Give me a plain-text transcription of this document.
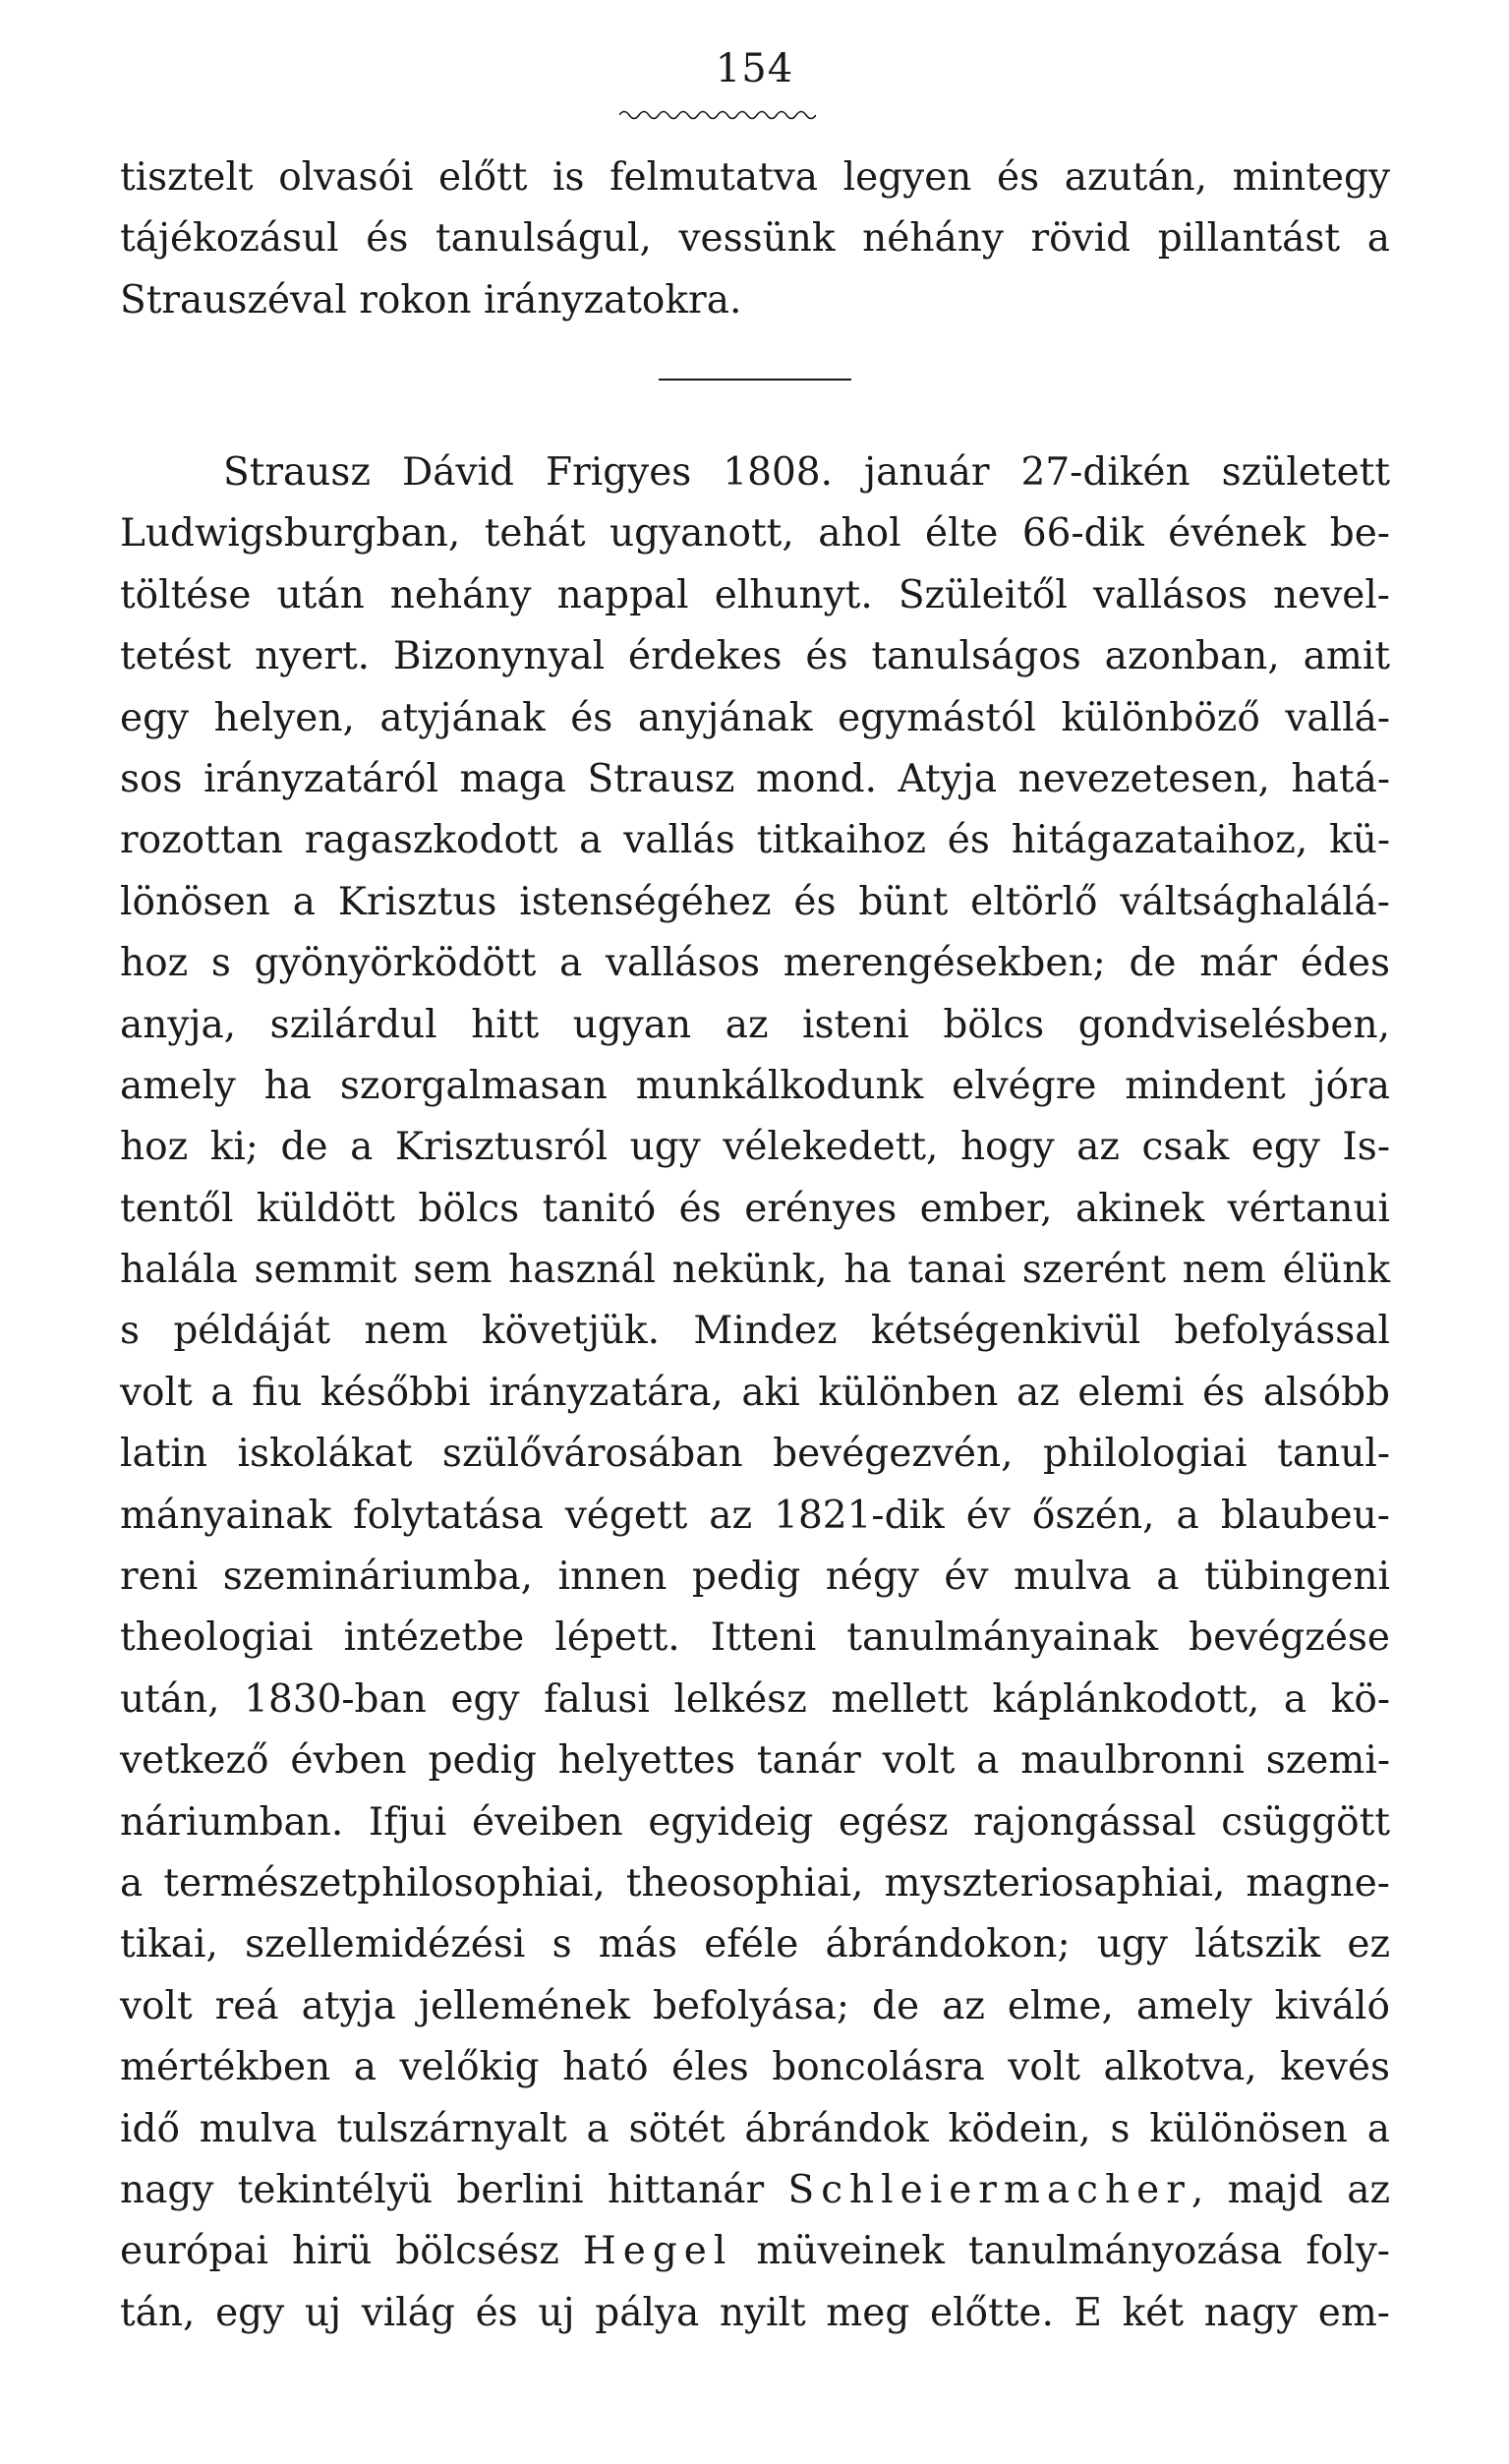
154
tisztelt olvasói előtt is felmutatva legyen és azután, mintegy
tájékozásul és tanulságul, vessünk néhány rövid pillantást a
Strauszéval rokon irányzatokra.
Strausz Dávid Frigyes 1808. január 27-dikén született
Ludwigsburgban, tehát ugyanott, ahol élte 66-dik évének be-
töltése után nehány nappal elhunyt. Szüleitől vallásos nevel-
tetést nyert. Bizonynyal érdekes és tanulságos azonban, amit
egy helyen, atyjának és anyjának egymástól különböző vallá-
sos irányzatáról maga Strausz mond. Atyja nevezetesen, hatá-
rozottan ragaszkodott a vallás titkaihoz és hitágazataihoz, kü-
lönösen a Krisztus istenségéhez és bünt eltörlő váltsághalálá-
hoz s gyönyörködött a vallásos merengésekben; de már édes
anyja, szilárdul hitt ugyan az isteni bölcs gondviselésben,
amely ha szorgalmasan munkálkodunk elvégre mindent jóra
hoz ki; de a Krisztusról ugy vélekedett, hogy az csak egy Is-
tentől küldött bölcs tanitó és erényes ember, akinek vértanui
halála semmit sem használ nekünk, ha tanai szerént nem élünk
s példáját nem követjük. Mindez kétségenkivül befolyással
volt a fiu későbbi irányzatára, aki különben az elemi és alsóbb
latin iskolákat szülővárosában bevégezvén, philologiai tanul-
mányainak folytatása végett az 1821-dik év őszén, a blaubeu-
reni szemináriumba, innen pedig négy év mulva a tübingeni
theologiai intézetbe lépett. Itteni tanulmányainak bevégzése
után, 1830-ban egy falusi lelkész mellett káplánkodott, a kö-
vetkező évben pedig helyettes tanár volt a maulbronni szemi-
náriumban. Ifjui éveiben egyideig egész rajongással csüggött
a természetphilosophiai, theosophiai, myszteriosaphiai, magne-
tikai, szellemidézési s más eféle ábrándokon; ugy látszik ez
volt reá atyja jellemének befolyása; de az elme, amely kiváló
mértékben a velőkig ható éles boncolásra volt alkotva, kevés
idő mulva tulszárnyalt a sötét ábrándok ködein, s különösen a
nagy tekintélyü berlini hittanár Schleiermacher, majd az
európai hirü bölcsész Hegel müveinek tanulmányozása foly-
tán, egy uj világ és uj pálya nyilt meg előtte. E két nagy em-
